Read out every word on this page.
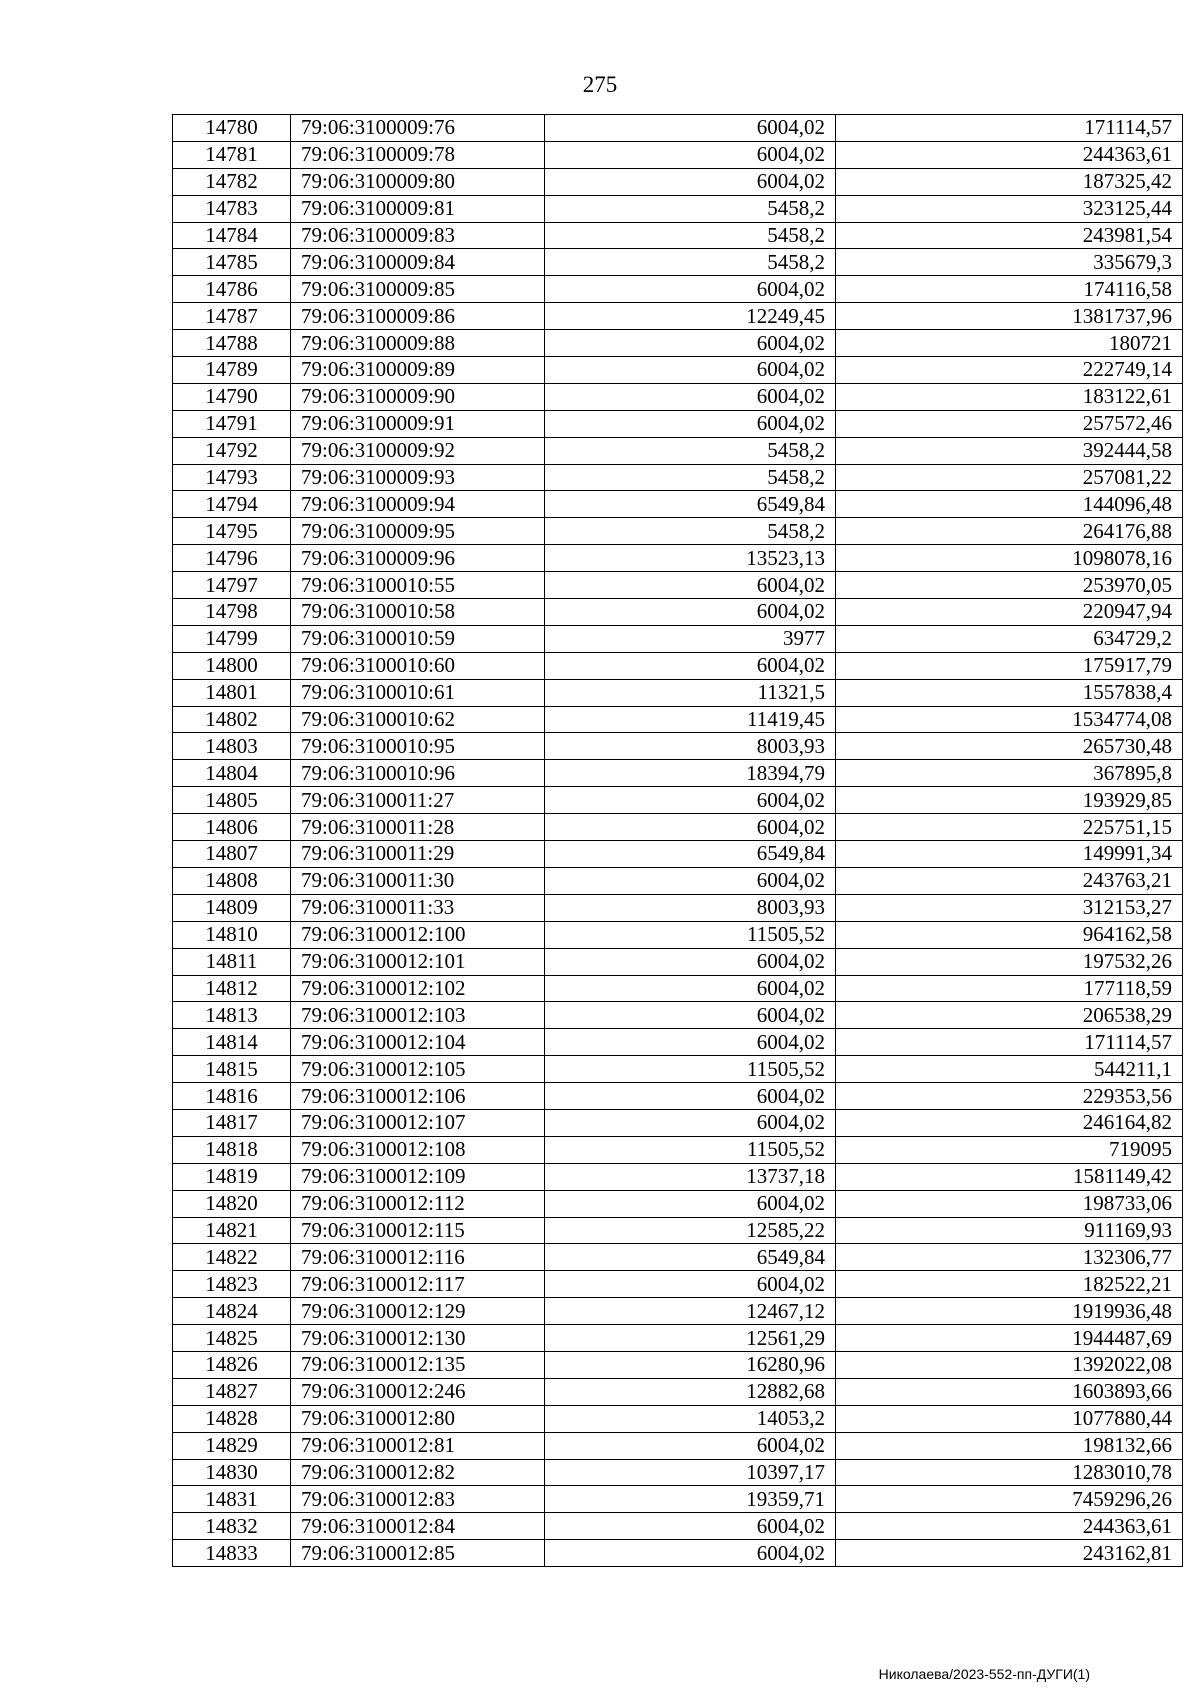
275
14780	79:06:3100009:76	6004,02	171114,57
14781	79:06:3100009:78	6004,02	244363,61
14782	79:06:3100009:80	6004,02	187325,42
14783	79:06:3100009:81	5458,2	323125,44
14784	79:06:3100009:83	5458,2	243981,54
14785	79:06:3100009:84	5458,2	335679,3
14786	79:06:3100009:85	6004,02	174116,58
14787	79:06:3100009:86	12249,45	1381737,96
14788	79:06:3100009:88	6004,02	180721
14789	79:06:3100009:89	6004,02	222749,14
14790	79:06:3100009:90	6004,02	183122,61
14791	79:06:3100009:91	6004,02	257572,46
14792	79:06:3100009:92	5458,2	392444,58
14793	79:06:3100009:93	5458,2	257081,22
14794	79:06:3100009:94	6549,84	144096,48
14795	79:06:3100009:95	5458,2	264176,88
14796	79:06:3100009:96	13523,13	1098078,16
14797	79:06:3100010:55	6004,02	253970,05
14798	79:06:3100010:58	6004,02	220947,94
14799	79:06:3100010:59	3977	634729,2
14800	79:06:3100010:60	6004,02	175917,79
14801	79:06:3100010:61	11321,5	1557838,4
14802	79:06:3100010:62	11419,45	1534774,08
14803	79:06:3100010:95	8003,93	265730,48
14804	79:06:3100010:96	18394,79	367895,8
14805	79:06:3100011:27	6004,02	193929,85
14806	79:06:3100011:28	6004,02	225751,15
14807	79:06:3100011:29	6549,84	149991,34
14808	79:06:3100011:30	6004,02	243763,21
14809	79:06:3100011:33	8003,93	312153,27
14810	79:06:3100012:100	11505,52	964162,58
14811	79:06:3100012:101	6004,02	197532,26
14812	79:06:3100012:102	6004,02	177118,59
14813	79:06:3100012:103	6004,02	206538,29
14814	79:06:3100012:104	6004,02	171114,57
14815	79:06:3100012:105	11505,52	544211,1
14816	79:06:3100012:106	6004,02	229353,56
14817	79:06:3100012:107	6004,02	246164,82
14818	79:06:3100012:108	11505,52	719095
14819	79:06:3100012:109	13737,18	1581149,42
14820	79:06:3100012:112	6004,02	198733,06
14821	79:06:3100012:115	12585,22	911169,93
14822	79:06:3100012:116	6549,84	132306,77
14823	79:06:3100012:117	6004,02	182522,21
14824	79:06:3100012:129	12467,12	1919936,48
14825	79:06:3100012:130	12561,29	1944487,69
14826	79:06:3100012:135	16280,96	1392022,08
14827	79:06:3100012:246	12882,68	1603893,66
14828	79:06:3100012:80	14053,2	1077880,44
14829	79:06:3100012:81	6004,02	198132,66
14830	79:06:3100012:82	10397,17	1283010,78
14831	79:06:3100012:83	19359,71	7459296,26
14832	79:06:3100012:84	6004,02	244363,61
14833	79:06:3100012:85	6004,02	243162,81
Николаева/2023-552-пп-ДУГИ(1)
